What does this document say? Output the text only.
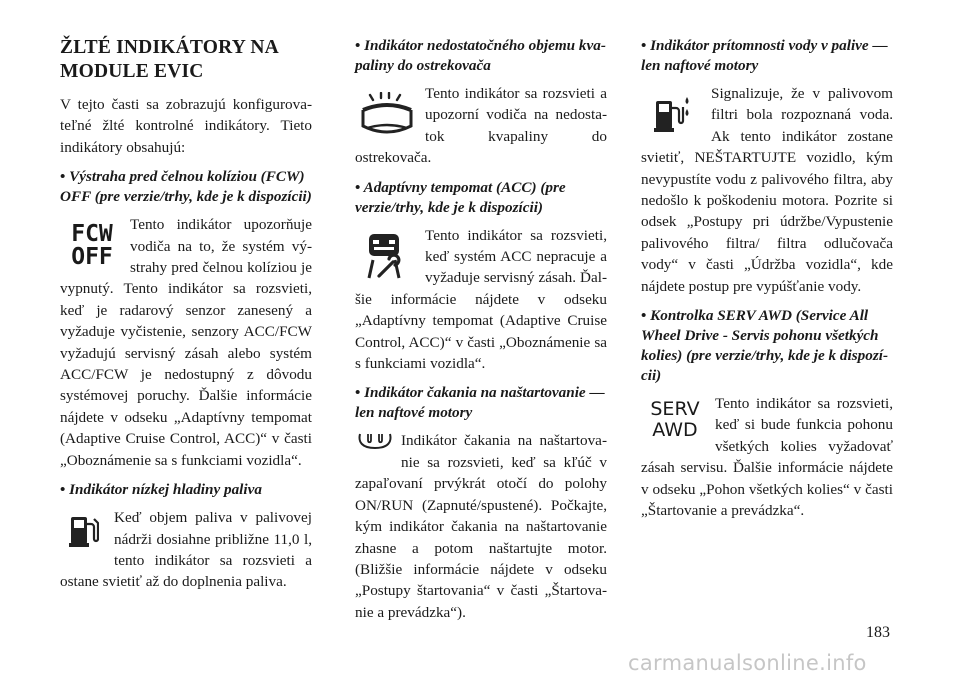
ŽLTÉ INDIKÁTORY NA MODULE EVIC

V tejto časti sa zobrazujú konfigurovateľné žlté kontrolné indikátory. Tieto indikátory obsahujú:

• Výstraha pred čelnou kolíziou (FCW) OFF (pre verzie/trhy, kde je k dispozícii)
FCW
OFF

Tento indikátor upozorňuje vodiča na to, že systém výstrahy pred čelnou kolíziou je vypnutý. Tento indikátor sa rozsvieti, keď je radarový senzor zanesený a vyžaduje vyčistenie, senzory ACC/FCW vyžadujú servisný zásah alebo systém ACC/FCW je nedostupný z dôvodu systémovej poruchy. Ďalšie informácie nájdete v odseku „Adaptívny tempomat (Adaptive Cruise Control, ACC)“ v časti „Oboznámenie sa s funkciami vozidla“.

• Indikátor nízkej hladiny paliva

Keď objem paliva v palivovej nádrži dosiahne približne 11,0 l, tento indikátor sa rozsvieti a ostane svietiť až do doplnenia paliva.

• Indikátor nedostatočného objemu kvapaliny do ostrekovača

Tento indikátor sa rozsvieti a upozorní vodiča na nedostatok kvapaliny do ostrekovača.

• Adaptívny tempomat (ACC) (pre verzie/trhy, kde je k dispozícii)

Tento indikátor sa rozsvieti, keď systém ACC nepracuje a vyžaduje servisný zásah. Ďalšie informácie nájdete v odseku „Adaptívny tempomat (Adaptive Cruise Control, ACC)“ v časti „Oboznámenie sa s funkciami vozidla“.

• Indikátor čakania na naštartovanie — len naftové motory

Indikátor čakania na naštartovanie sa rozsvieti, keď sa kľúč v zapaľovaní prvýkrát otočí do polohy ON/RUN (Zapnuté/spustené). Počkajte, kým indikátor čakania na naštartovanie zhasne a potom naštartujte motor. (Bližšie informácie nájdete v odseku „Postupy štartovania“ v časti „Štartovanie a prevádzka“).

• Indikátor prítomnosti vody v palive — len naftové motory

Signalizuje, že v palivovom filtri bola rozpoznaná voda. Ak tento indikátor zostane svietiť, NEŠTARTUJTE vozidlo, kým nevypustíte vodu z palivového filtra, aby nedošlo k poškodeniu motora. Pozrite si odsek „Postupy pri údržbe/Vypustenie palivového filtra/ filtra odlučovača vody“ v časti „Údržba vozidla“, kde nájdete postup pre vypúšťanie vody.

• Kontrolka SERV AWD (Service All Wheel Drive - Servis pohonu všetkých kolies) (pre verzie/trhy, kde je k dispozícii)
SERV
AWD

Tento indikátor sa rozsvieti, keď si bude funkcia pohonu všetkých kolies vyžadovať zásah servisu. Ďalšie informácie nájdete v odseku „Pohon všetkých kolies“ v časti „Štartovanie a prevádzka“.

183
carmanualsonline.info
